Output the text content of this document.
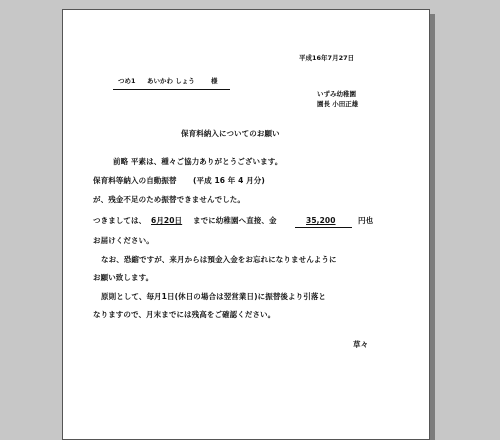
平成16年7月27日
つめ1 あいかわ しょう 様
いずみ幼稚園
園長 小田正雄
保育料納入についてのお願い
前略 平素は、種々ご協力ありがとうございます。
保育料等納入の自動振替 (平成 16 年 4 月分)
が、残金不足のため振替できませんでした。
つきましては、 6月20日 までに幼稚園へ直接、金	35,200	円也
お届けください。
なお、恐縮ですが、来月からは預金入金をお忘れになりませんように
お願い致します。
原則として、毎月1日(休日の場合は翌営業日)に振替後より引落と
なりますので、月末までには残高をご確認ください。
草々
